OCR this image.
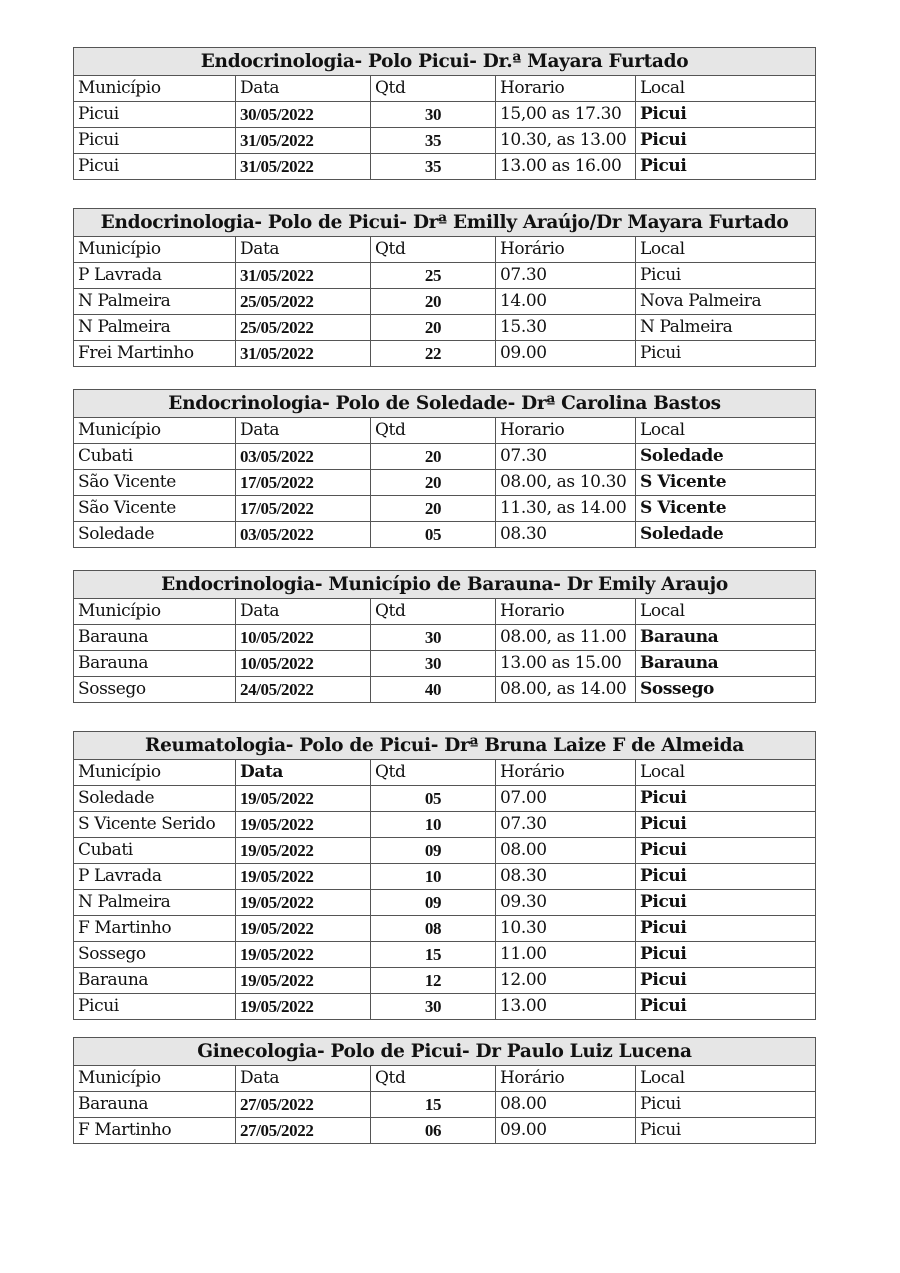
Endocrinologia- Polo Picui- Dr.ª Mayara Furtado				
Município	Data	Qtd	Horario	Local
Picui	30/05/2022	30	15,00 as 17.30	Picui
Picui	31/05/2022	35	10.30, as 13.00	Picui
Picui	31/05/2022	35	13.00 as 16.00	Picui
Endocrinologia- Polo de Picui- Drª Emilly Araújo/Dr Mayara Furtado				
Município	Data	Qtd	Horário	Local
P Lavrada	31/05/2022	25	07.30	Picui
N Palmeira	25/05/2022	20	14.00	Nova Palmeira
N Palmeira	25/05/2022	20	15.30	N Palmeira
Frei Martinho	31/05/2022	22	09.00	Picui
Endocrinologia- Polo de Soledade- Drª Carolina Bastos				
Município	Data	Qtd	Horario	Local
Cubati	03/05/2022	20	07.30	Soledade
São Vicente	17/05/2022	20	08.00, as 10.30	S Vicente
São Vicente	17/05/2022	20	11.30, as 14.00	S Vicente
Soledade	03/05/2022	05	08.30	Soledade
Endocrinologia- Município de Barauna- Dr Emily Araujo				
Município	Data	Qtd	Horario	Local
Barauna	10/05/2022	30	08.00, as 11.00	Barauna
Barauna	10/05/2022	30	13.00 as 15.00	Barauna
Sossego	24/05/2022	40	08.00, as 14.00	Sossego
Reumatologia- Polo de Picui- Drª Bruna Laize F de Almeida				
Município	Data	Qtd	Horário	Local
Soledade	19/05/2022	05	07.00	Picui
S Vicente Serido	19/05/2022	10	07.30	Picui
Cubati	19/05/2022	09	08.00	Picui
P Lavrada	19/05/2022	10	08.30	Picui
N Palmeira	19/05/2022	09	09.30	Picui
F Martinho	19/05/2022	08	10.30	Picui
Sossego	19/05/2022	15	11.00	Picui
Barauna	19/05/2022	12	12.00	Picui
Picui	19/05/2022	30	13.00	Picui
Ginecologia- Polo de Picui- Dr Paulo Luiz Lucena				
Município	Data	Qtd	Horário	Local
Barauna	27/05/2022	15	08.00	Picui
F Martinho	27/05/2022	06	09.00	Picui
